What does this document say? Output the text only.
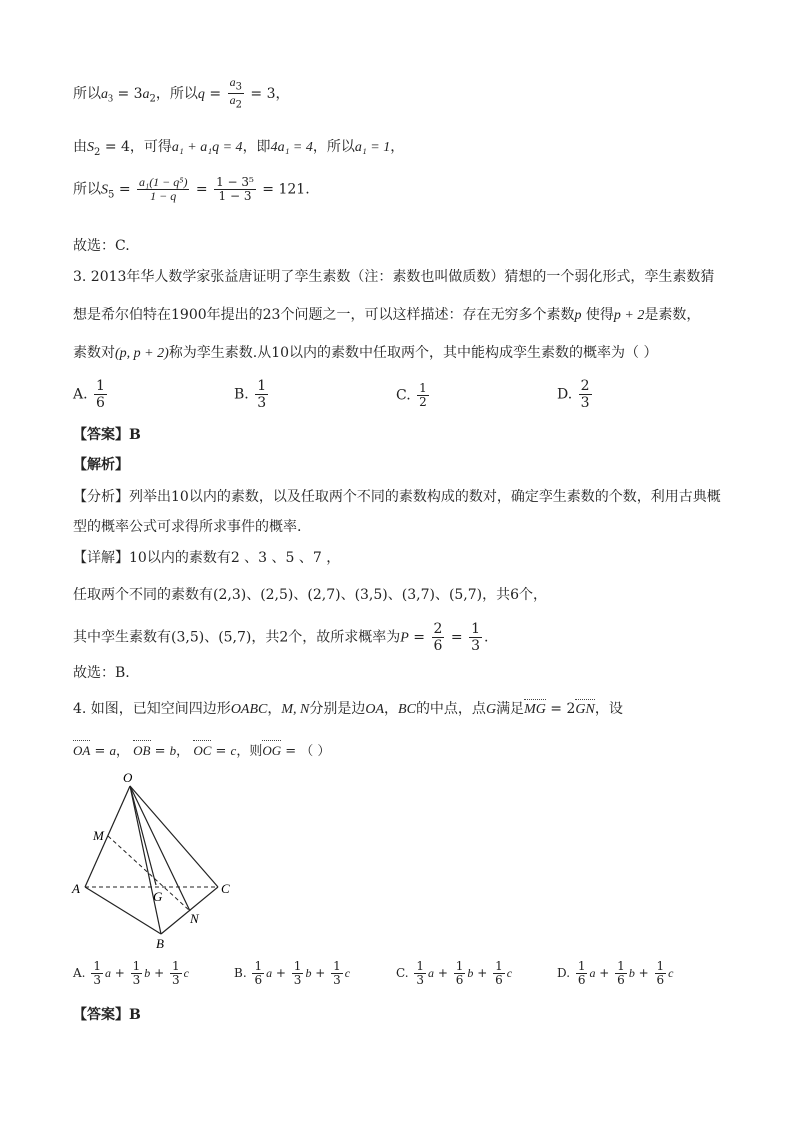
所以$a_3 = 3a_2$，所以$q = \frac{a_3}{a_2} = 3$，
由$S_2 = 4$，可得a₁ + a₁q = 4，即4a₁ = 4，所以a₁ = 1，
所以$S_5 = \frac{\text{a₁(1 − q⁵)}}{1 - q} = \frac{\text{1 − 3⁵}}{1 - 3} = 121$.
故选：C.
3. 2013年华人数学家张益唐证明了孪生素数（注：素数也叫做质数）猜想的一个弱化形式，孪生素数猜
想是希尔伯特在1900年提出的23个问题之一，可以这样描述：存在无穷多个素数p 使得p + 2是素数，
素数对(p, p + 2)称为孪生素数.从10以内的素数中任取两个，其中能构成孪生素数的概率为（ ）
A. $\frac{1}{6}$	B. $\frac{1}{3}$	C. $\frac{1}{2}$	D. $\frac{2}{3}$
【答案】B
【解析】
【分析】列举出10以内的素数，以及任取两个不同的素数构成的数对，确定孪生素数的个数，利用古典概
型的概率公式可求得所求事件的概率.
【详解】10以内的素数有2 、3 、5 、7 ，
任取两个不同的素数有(2,3)、(2,5)、(2,7)、(3,5)、(3,7)、(5,7)，共6个，
其中孪生素数有(3,5)、(5,7)，共2个，故所求概率为$P = \frac{2}{6} = \frac{1}{3}$ .
故选：B.
4. 如图，已知空间四边形OABC，M, N分别是边OA，BC的中点，点G满足MG = 2GN，设
OA = a， OB = b， OC = c，则OG = （ ）
O
M
A
G
C
N
B
A. $\frac{1}{3}$ $a + \frac{1}{3}$ $b + \frac{1}{3}$ c	B. $\frac{1}{6}$ $a + \frac{1}{3}$ $b + \frac{1}{3}$ c	C. $\frac{1}{3}$ $a + \frac{1}{6}$ $b + \frac{1}{6}$ c	D. $\frac{1}{6}$ $a + \frac{1}{6}$ $b + \frac{1}{6}$ c
【答案】B
